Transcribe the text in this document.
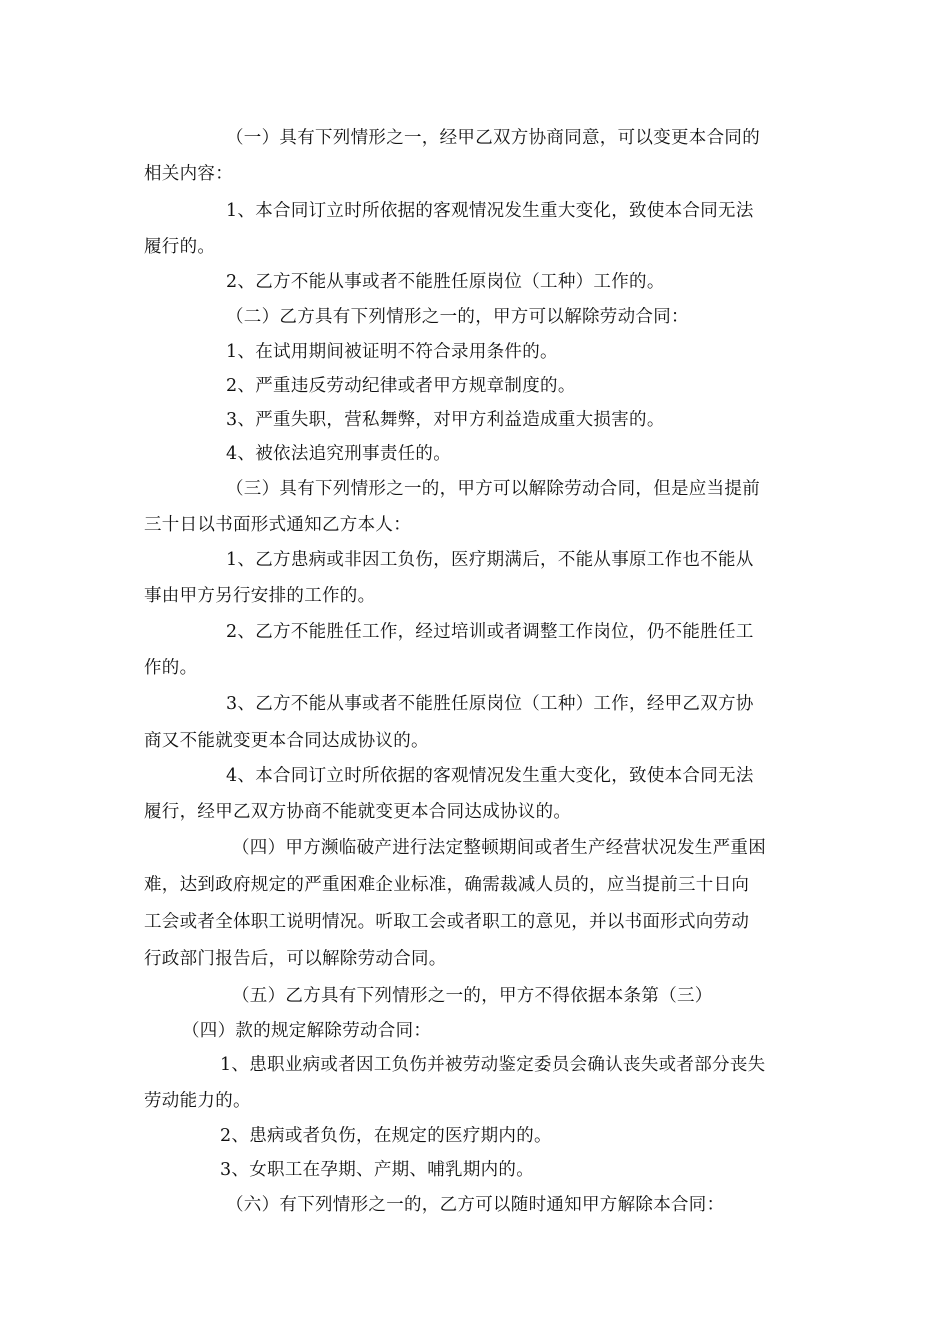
（一）具有下列情形之一，经甲乙双方协商同意，可以变更本合同的

相关内容：

1、本合同订立时所依据的客观情况发生重大变化，致使本合同无法

履行的。

2、乙方不能从事或者不能胜任原岗位（工种）工作的。

（二）乙方具有下列情形之一的，甲方可以解除劳动合同：

1、在试用期间被证明不符合录用条件的。

2、严重违反劳动纪律或者甲方规章制度的。

3、严重失职，营私舞弊，对甲方利益造成重大损害的。

4、被依法追究刑事责任的。

（三）具有下列情形之一的，甲方可以解除劳动合同，但是应当提前

三十日以书面形式通知乙方本人：

1、乙方患病或非因工负伤，医疗期满后，不能从事原工作也不能从

事由甲方另行安排的工作的。

2、乙方不能胜任工作，经过培训或者调整工作岗位，仍不能胜任工

作的。

3、乙方不能从事或者不能胜任原岗位（工种）工作，经甲乙双方协

商又不能就变更本合同达成协议的。

4、本合同订立时所依据的客观情况发生重大变化，致使本合同无法

履行，经甲乙双方协商不能就变更本合同达成协议的。

（四）甲方濒临破产进行法定整顿期间或者生产经营状况发生严重困

难，达到政府规定的严重困难企业标准，确需裁减人员的，应当提前三十日向

工会或者全体职工说明情况。听取工会或者职工的意见，并以书面形式向劳动

行政部门报告后，可以解除劳动合同。

（五）乙方具有下列情形之一的，甲方不得依据本条第（三）

（四）款的规定解除劳动合同：

1、患职业病或者因工负伤并被劳动鉴定委员会确认丧失或者部分丧失

劳动能力的。

2、患病或者负伤，在规定的医疗期内的。

3、女职工在孕期、产期、哺乳期内的。

（六）有下列情形之一的，乙方可以随时通知甲方解除本合同：
